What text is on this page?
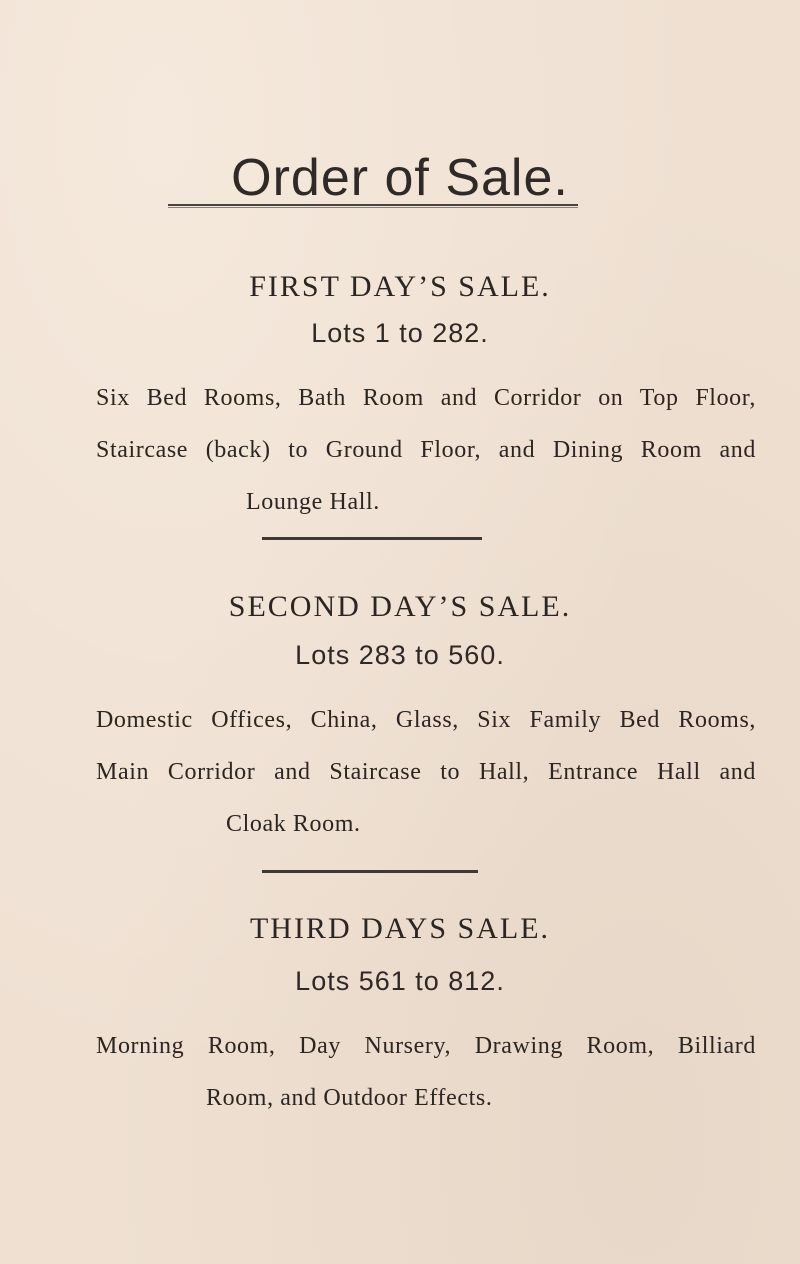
Order of Sale.
FIRST DAY’S SALE.
Lots 1 to 282.

Six Bed Rooms, Bath Room and Corridor on Top Floor,

Staircase (back) to Ground Floor, and Dining Room and

Lounge Hall.

SECOND DAY’S SALE.
Lots 283 to 560.

Domestic Offices, China, Glass, Six Family Bed Rooms,

Main Corridor and Staircase to Hall, Entrance Hall and

Cloak Room.

THIRD DAYS SALE.
Lots 561 to 812.

Morning Room, Day Nursery, Drawing Room, Billiard

Room, and Outdoor Effects.
